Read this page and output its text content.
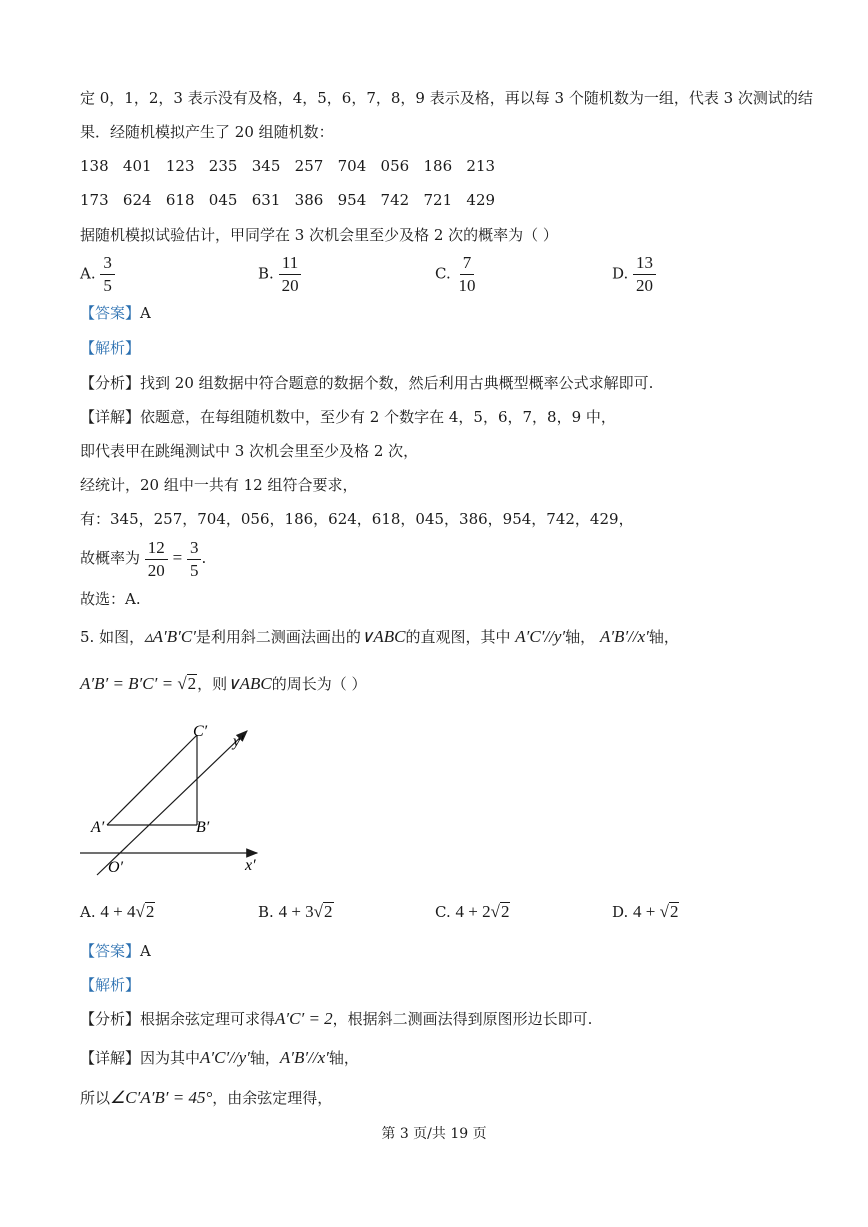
定 0，1，2，3 表示没有及格，4，5，6，7，8，9 表示及格，再以每 3 个随机数为一组，代表 3 次测试的结
果．经随机模拟产生了 20 组随机数：
138   401   123   235   345   257   704   056   186   213
173   624   618   045   631   386   954   742   721   429
据随机模拟试验估计，甲同学在 3 次机会里至少及格 2 次的概率为（ ）
A. $\frac{3}{5}$	B. $\frac{11}{20}$	C. $\frac{7}{10}$	D. $\frac{13}{20}$
【答案】A
【解析】
【分析】找到 20 组数据中符合题意的数据个数，然后利用古典概型概率公式求解即可.
【详解】依题意，在每组随机数中，至少有 2 个数字在 4，5，6，7，8，9 中，
即代表甲在跳绳测试中 3 次机会里至少及格 2 次，
经统计，20 组中一共有 12 组符合要求，
有：345，257，704，056，186，624，618，045，386，954，742，429，
故概率为 $\frac{12}{20} = \frac{3}{5}$ .
故选：A.
5. 如图，▵A′B′C′是利用斜二测画法画出的∨ABC的直观图，其中 A′C′//y′轴， A′B′//x′轴，
A′B′ = B′C′ = √2，则∨ABC的周长为（ ）
C′
y′
A′	B′
O′	x′
A. 4 + 4√2	B. 4 + 3√2	C. 4 + 2√2	D. 4 + √2
【答案】A
【解析】
【分析】根据余弦定理可求得A′C′ = 2，根据斜二测画法得到原图形边长即可.
【详解】因为其中A′C′//y′轴，A′B′//x′轴，
所以∠C′A′B′ = 45°，由余弦定理得，
第 3 页/共 19 页
